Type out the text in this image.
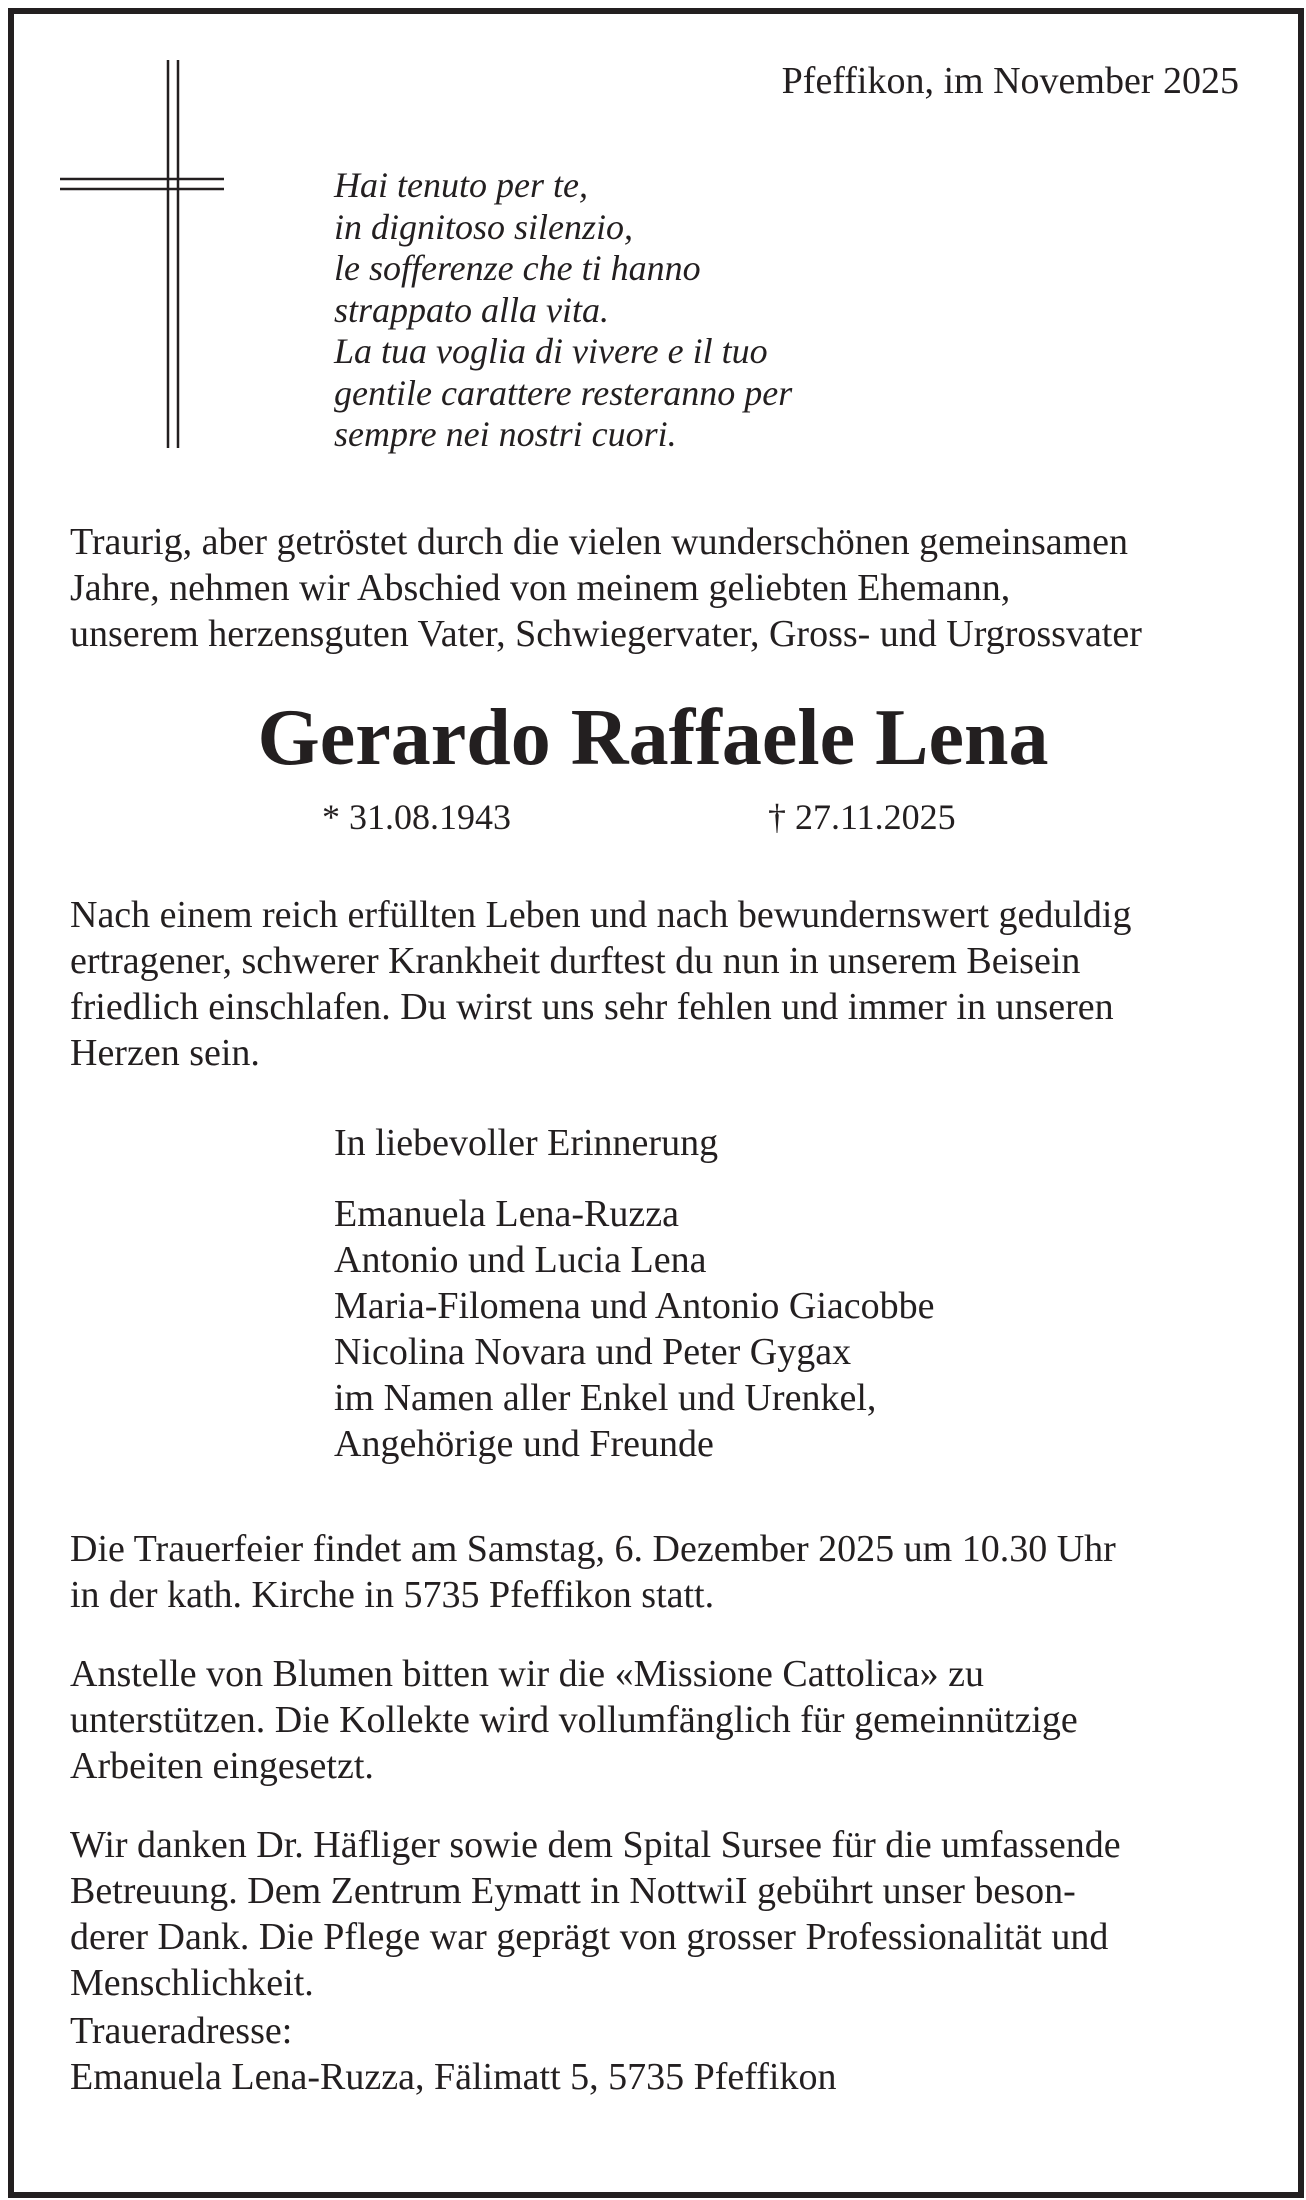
Pfeffikon, im November 2025

Hai tenuto per te,
in dignitoso silenzio,
le sofferenze che ti hanno
strappato alla vita.
La tua voglia di vivere e il tuo
gentile carattere resteranno per
sempre nei nostri cuori.
Traurig, aber getröstet durch die vielen wunderschönen gemeinsamen
Jahre, nehmen wir Abschied von meinem geliebten Ehemann,
unserem herzensguten Vater, Schwiegervater, Gross- und Urgrossvater
Gerardo Raffaele Lena
* 31.08.1943	† 27.11.2025
Nach einem reich erfüllten Leben und nach bewundernswert geduldig
ertragener, schwerer Krankheit durftest du nun in unserem Beisein
friedlich einschlafen. Du wirst uns sehr fehlen und immer in unseren
Herzen sein.

In liebevoller Erinnerung

Emanuela Lena-Ruzza
Antonio und Lucia Lena
Maria-Filomena und Antonio Giacobbe
Nicolina Novara und Peter Gygax
im Namen aller Enkel und Urenkel,
Angehörige und Freunde
Die Trauerfeier findet am Samstag, 6. Dezember 2025 um 10.30 Uhr
in der kath. Kirche in 5735 Pfeffikon statt.
Anstelle von Blumen bitten wir die «Missione Cattolica» zu
unterstützen. Die Kollekte wird vollumfänglich für gemeinnützige
Arbeiten eingesetzt.
Wir danken Dr. Häfliger sowie dem Spital Sursee für die umfassende
Betreuung. Dem Zentrum Eymatt in NottwiI gebührt unser beson-
derer Dank. Die Pflege war geprägt von grosser Professionalität und
Menschlichkeit.

Traueradresse:

Emanuela Lena-Ruzza, Fälimatt 5, 5735 Pfeffikon
